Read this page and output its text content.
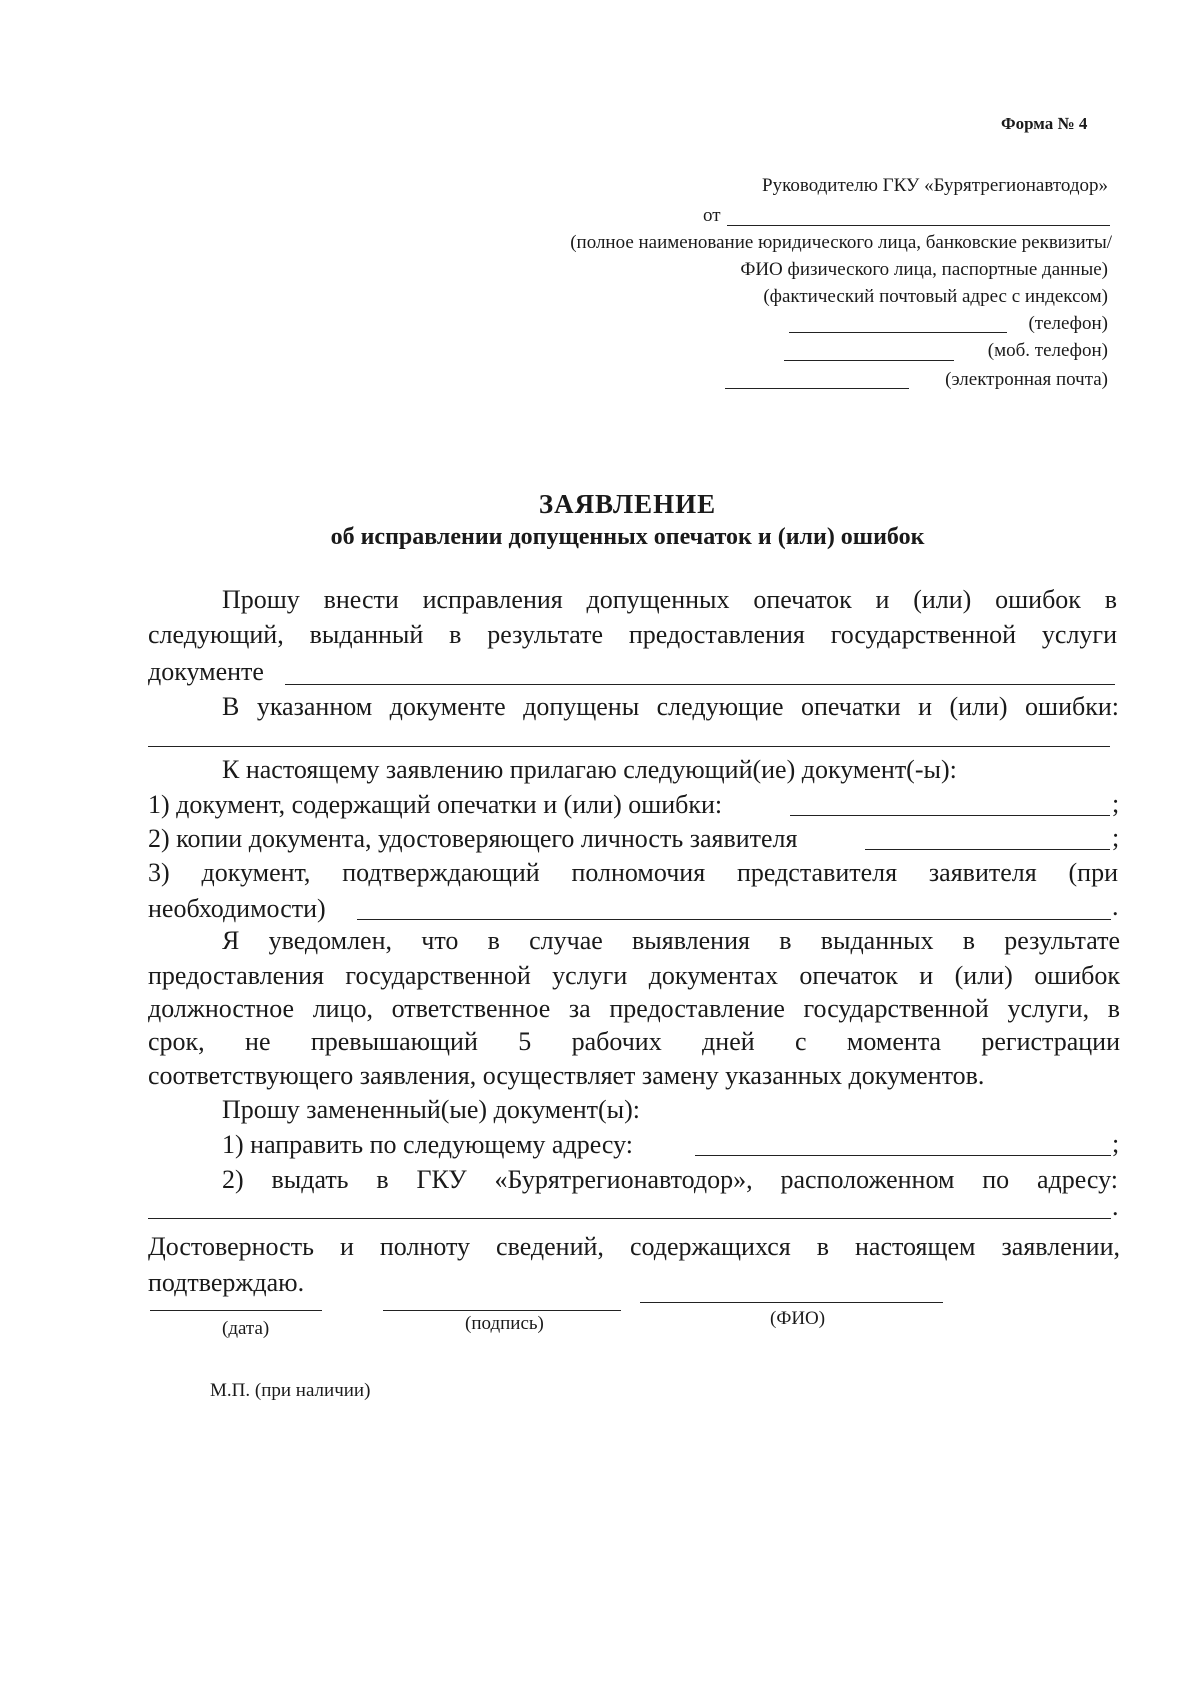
Форма № 4
Руководителю ГКУ «Бурятрегионавтодор»
от
(полное наименование юридического лица, банковские реквизиты/
ФИО физического лица, паспортные данные)
(фактический почтовый адрес с индексом)
(телефон)
(моб. телефон)
(электронная почта)
ЗАЯВЛЕНИЕ
об исправлении допущенных опечаток и (или) ошибок
Прошу внести исправления допущенных опечаток и (или) ошибок в
следующий, выданный в результате предоставления государственной услуги
документе
В указанном документе допущены следующие опечатки и (или) ошибки:
К настоящему заявлению прилагаю следующий(ие) документ(-ы):
1) документ, содержащий опечатки и (или) ошибки:	;
2) копии документа, удостоверяющего личность заявителя	;
3) документ, подтверждающий полномочия представителя заявителя (при
необходимости)	.
Я уведомлен, что в случае выявления в выданных в результате
предоставления государственной услуги документах опечаток и (или) ошибок
должностное лицо, ответственное за предоставление государственной услуги, в
срок, не превышающий 5 рабочих дней с момента регистрации
соответствующего заявления, осуществляет замену указанных документов.
Прошу замененный(ые) документ(ы):
1) направить по следующему адресу:	;
2) выдать в ГКУ «Бурятрегионавтодор», расположенном по адресу:
.
Достоверность и полноту сведений, содержащихся в настоящем заявлении,
подтверждаю.
(дата)	(подпись)	(ФИО)
М.П. (при наличии)
